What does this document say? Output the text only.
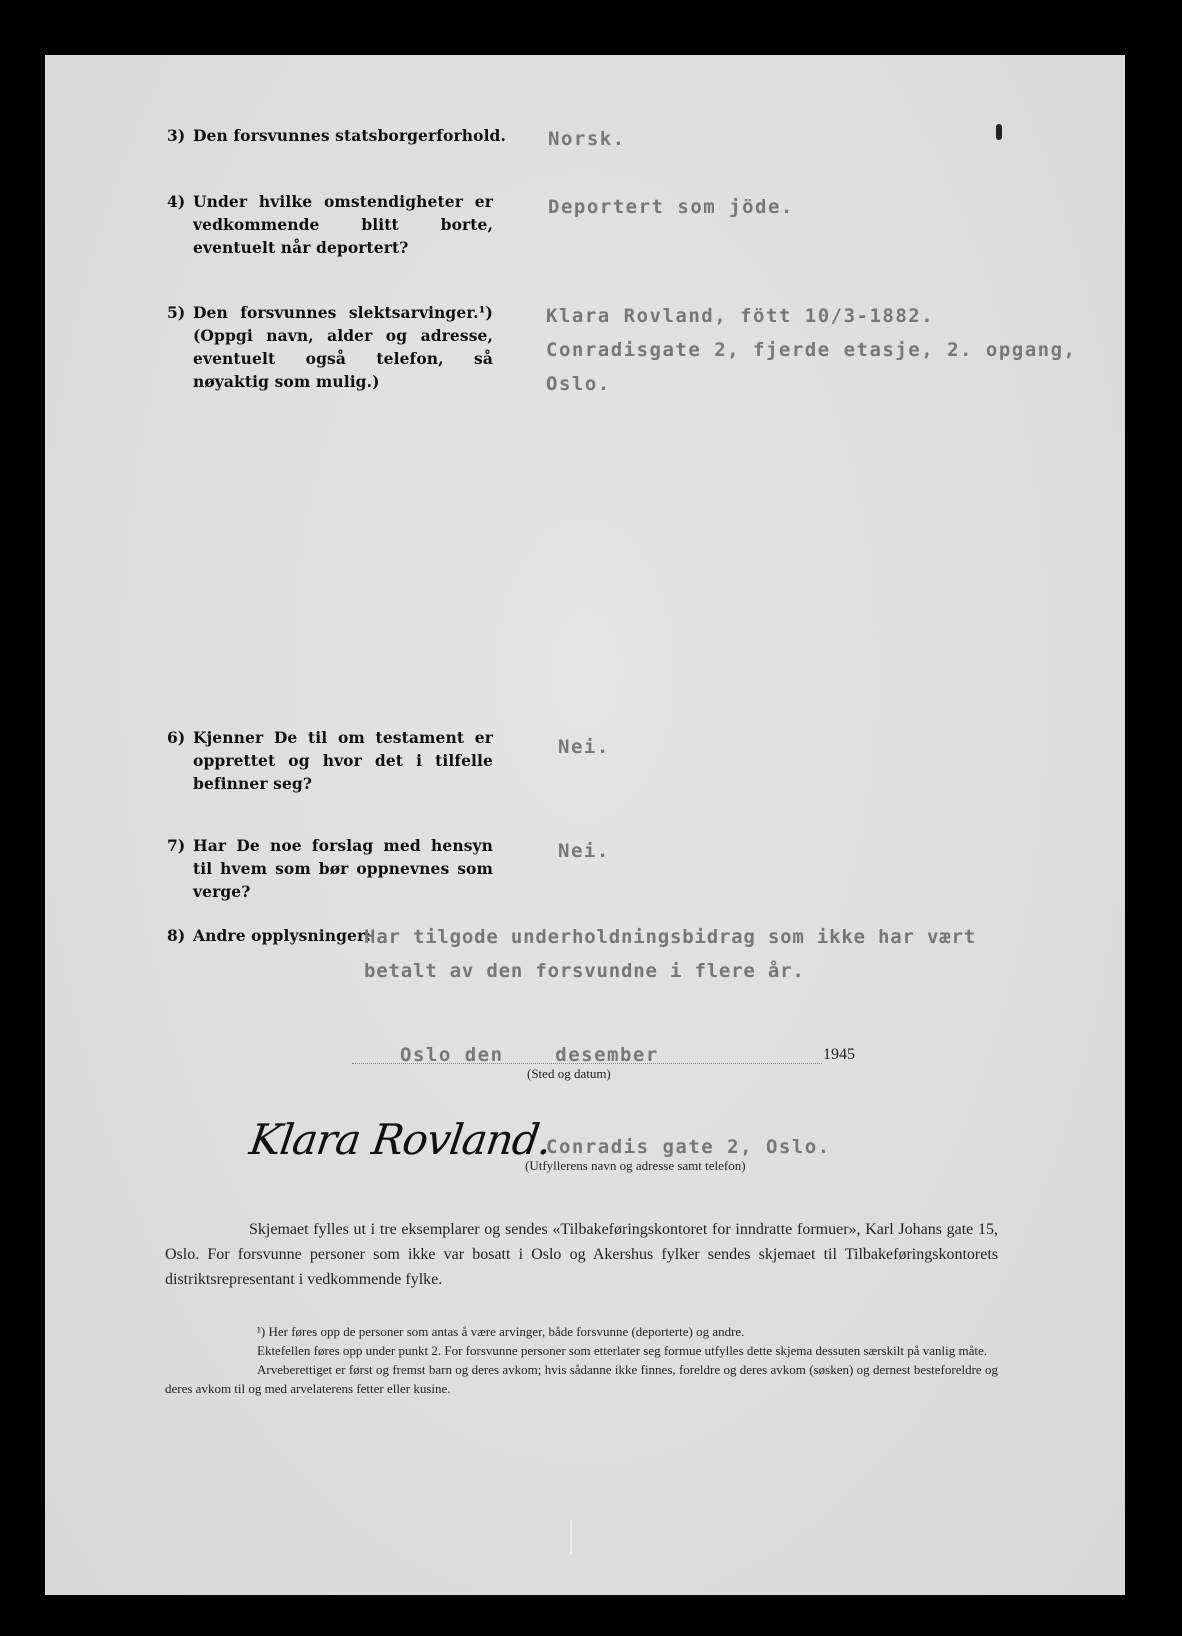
3) Den forsvunnes statsborgerforhold. Norsk.
4) Under hvilke omstendigheter er vedkommende blitt borte, eventuelt når deportert?
Deportert som jöde.
5) Den forsvunnes slektsarvinger.¹) (Oppgi navn, alder og adresse, eventuelt også telefon, så nøyaktig som mulig.)
Klara Rovland, fött 10/3-1882.
Conradisgate 2, fjerde etasje, 2. opgang,
Oslo.
6) Kjenner De til om testament er opprettet og hvor det i tilfelle befinner seg?
Nei.
7) Har De noe forslag med hensyn til hvem som bør oppnevnes som verge?
Nei.
8) Andre opplysninger:
Har tilgode underholdningsbidrag som ikke har vært
betalt av den forsvundne i flere år.
Oslo den    desember	1945
(Sted og datum)
Klara Rovland.
Conradis gate 2, Oslo.
(Utfyllerens navn og adresse samt telefon)

Skjemaet fylles ut i tre eksemplarer og sendes «Tilbakeføringskontoret for inndratte formuer», Karl Johans gate 15, Oslo. For forsvunne personer som ikke var bosatt i Oslo og Akershus fylker sendes skjemaet til Tilbakeføringskontorets distriktsrepresentant i vedkommende fylke.

¹) Her føres opp de personer som antas å være arvinger, både forsvunne (deporterte) og andre.

Ektefellen føres opp under punkt 2. For forsvunne personer som etterlater seg formue utfylles dette skjema dessuten særskilt på vanlig måte.

Arveberettiget er først og fremst barn og deres avkom; hvis sådanne ikke finnes, foreldre og deres avkom (søsken) og dernest besteforeldre og deres avkom til og med arvelaterens fetter eller kusine.
